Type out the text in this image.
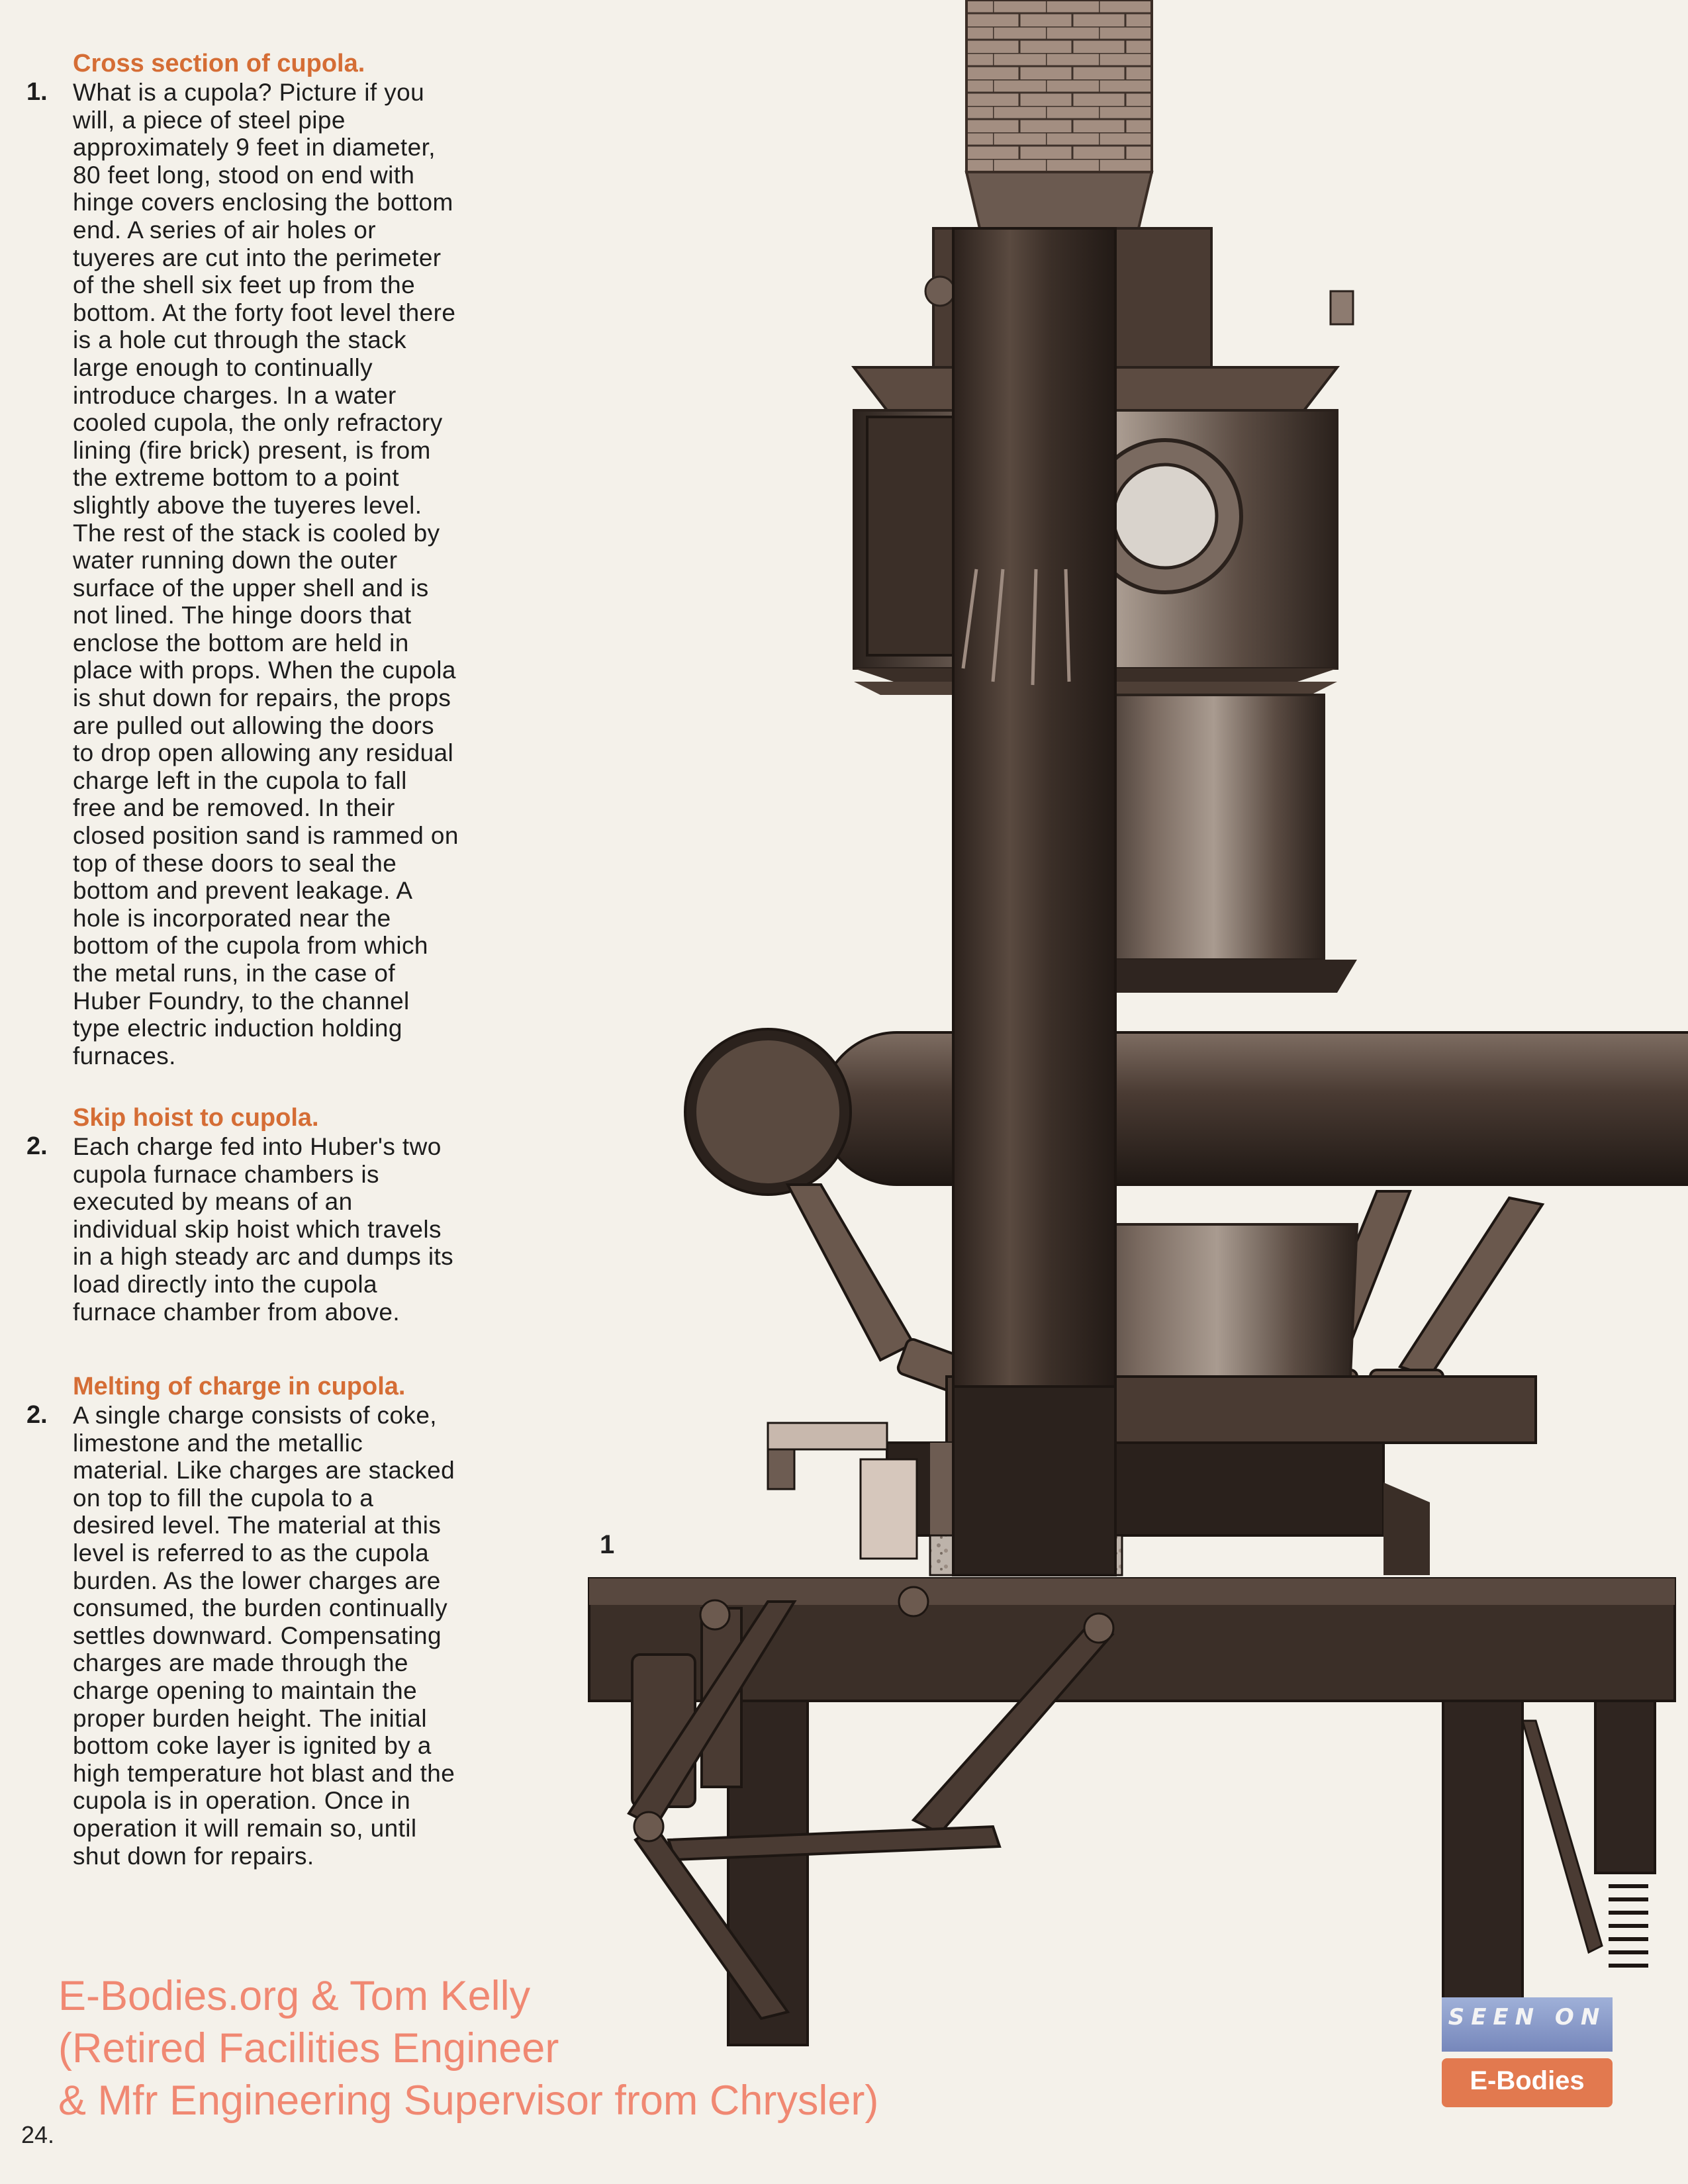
Cross section of cupola.
1.	What is a cupola? Picture if you
will, a piece of steel pipe
approximately 9 feet in diameter,
80 feet long, stood on end with
hinge covers enclosing the bottom
end. A series of air holes or
tuyeres are cut into the perimeter
of the shell six feet up from the
bottom. At the forty foot level there
is a hole cut through the stack
large enough to continually
introduce charges. In a water
cooled cupola, the only refractory
lining (fire brick) present, is from
the extreme bottom to a point
slightly above the tuyeres level.
The rest of the stack is cooled by
water running down the outer
surface of the upper shell and is
not lined. The hinge doors that
enclose the bottom are held in
place with props. When the cupola
is shut down for repairs, the props
are pulled out allowing the doors
to drop open allowing any residual
charge left in the cupola to fall
free and be removed. In their
closed position sand is rammed on
top of these doors to seal the
bottom and prevent leakage. A
hole is incorporated near the
bottom of the cupola from which
the metal runs, in the case of
Huber Foundry, to the channel
type electric induction holding
furnaces.
Skip hoist to cupola.
2.	Each charge fed into Huber's two
cupola furnace chambers is
executed by means of an
individual skip hoist which travels
in a high steady arc and dumps its
load directly into the cupola
furnace chamber from above.
Melting of charge in cupola.
2.	A single charge consists of coke,
limestone and the metallic
material. Like charges are stacked
on top to fill the cupola to a
desired level. The material at this
level is referred to as the cupola
burden. As the lower charges are
consumed, the burden continually
settles downward. Compensating
charges are made through the
charge opening to maintain the
proper burden height. The initial
bottom coke layer is ignited by a
high temperature hot blast and the
cupola is in operation. Once in
operation it will remain so, until
shut down for repairs.
1
E-Bodies.org & Tom Kelly
(Retired Facilities Engineer
& Mfr Engineering Supervisor from Chrysler)
SEEN ON
E-Bodies
24.
